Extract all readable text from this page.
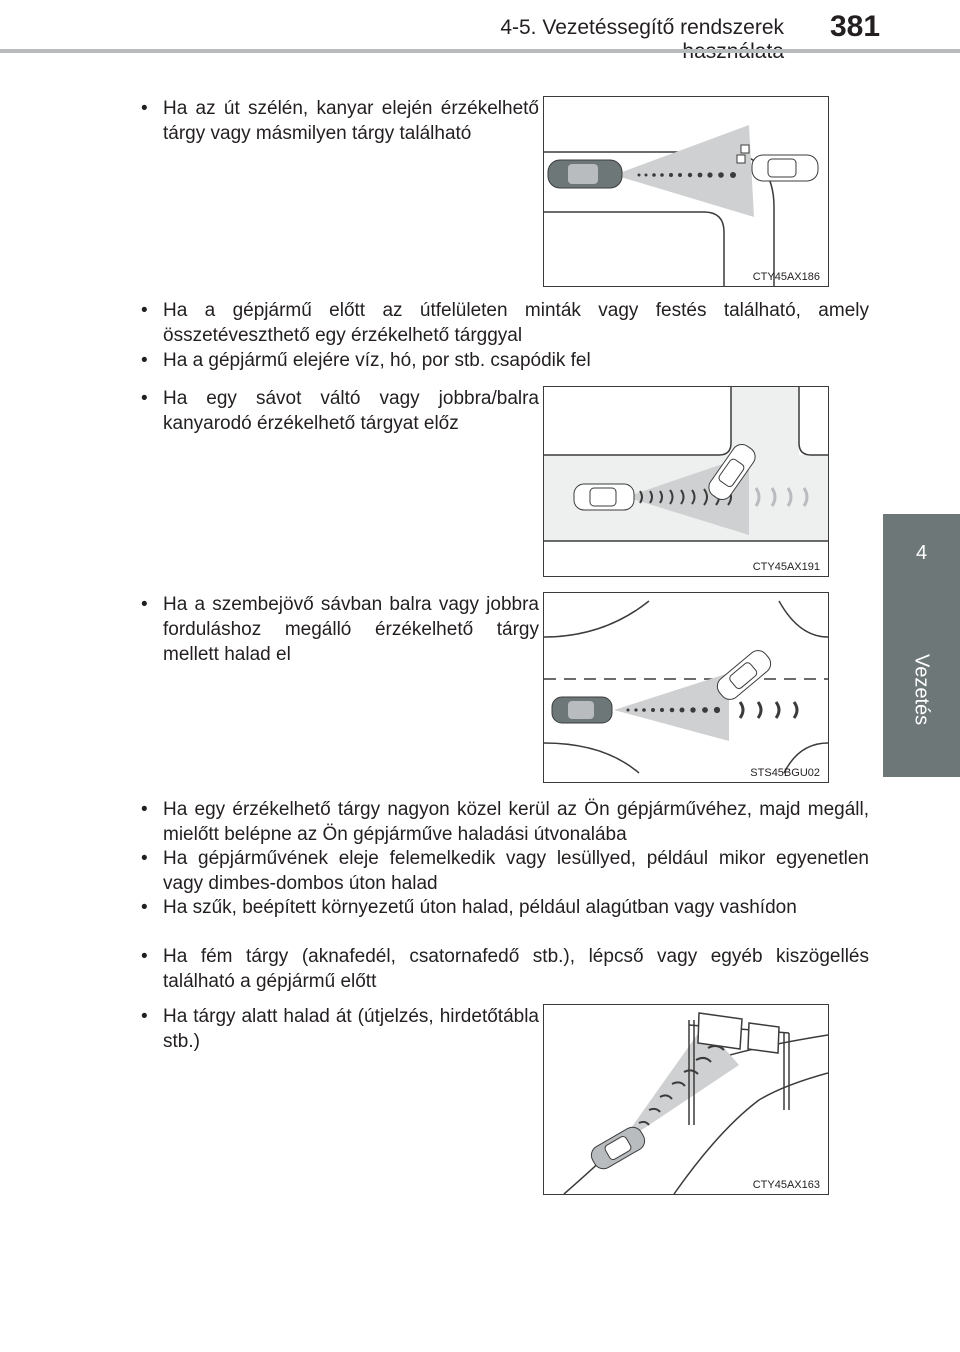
4-5. Vezetéssegítő rendszerek 381
4
Vezetés
• Ha az út szélén, kanyar elején érzékelhető tárgy vagy másmilyen tárgy található
CTY45AX186
• Ha a gépjármű előtt az útfelületen minták vagy festés található, amely összetéveszthető egy érzékelhető tárggyal
• Ha a gépjármű elejére víz, hó, por stb. csapódik fel
• Ha egy sávot váltó vagy jobbra/balra kanyarodó érzékelhető tárgyat előz
CTY45AX191
• Ha a szembejövő sávban balra vagy jobbra forduláshoz megálló érzékelhető tárgy mellett halad el
STS45BGU02
• Ha egy érzékelhető tárgy nagyon közel kerül az Ön gépjárművéhez, majd megáll, mielőtt belépne az Ön gépjárműve haladási útvonalába
• Ha gépjárművének eleje felemelkedik vagy lesüllyed, például mikor egyenetlen vagy dimbes-dombos úton halad
• Ha szűk, beépített környezetű úton halad, például alagútban vagy vashídon
• Ha fém tárgy (aknafedél, csatornafedő stb.), lépcső vagy egyéb kiszögellés található a gépjármű előtt
• Ha tárgy alatt halad át (útjelzés, hirdetőtábla stb.)
CTY45AX163
